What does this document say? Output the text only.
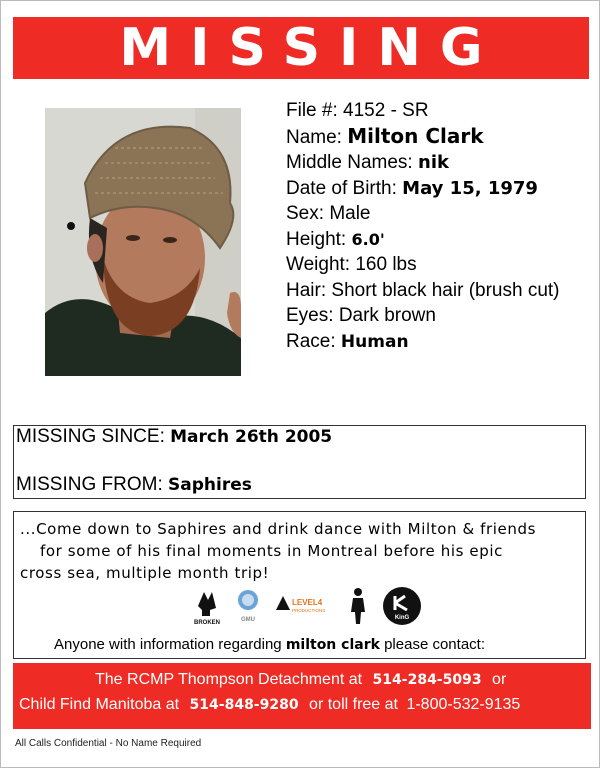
MISSING
File #: 4152 - SR
Name: Milton Clark
Middle Names: nik
Date of Birth: May 15, 1979
Sex: Male
Height: 6.0'
Weight: 160 lbs
Hair: Short black hair (brush cut)
Eyes: Dark brown
Race: Human
MISSING SINCE: March 26th 2005
MISSING FROM: Saphires
...Come down to Saphires and drink dance with Milton & friends
for some of his final moments in Montreal before his epic
cross sea, multiple month trip!
BROKEN	GMU
LEVEL4
PRODUCTIONS
KinG
Anyone with information regarding milton clark please contact:
The RCMP Thompson Detachment at 514-284-5093 or
Child Find Manitoba at 514-848-9280 or toll free at 1-800-532-9135
All Calls Confidential - No Name Required
